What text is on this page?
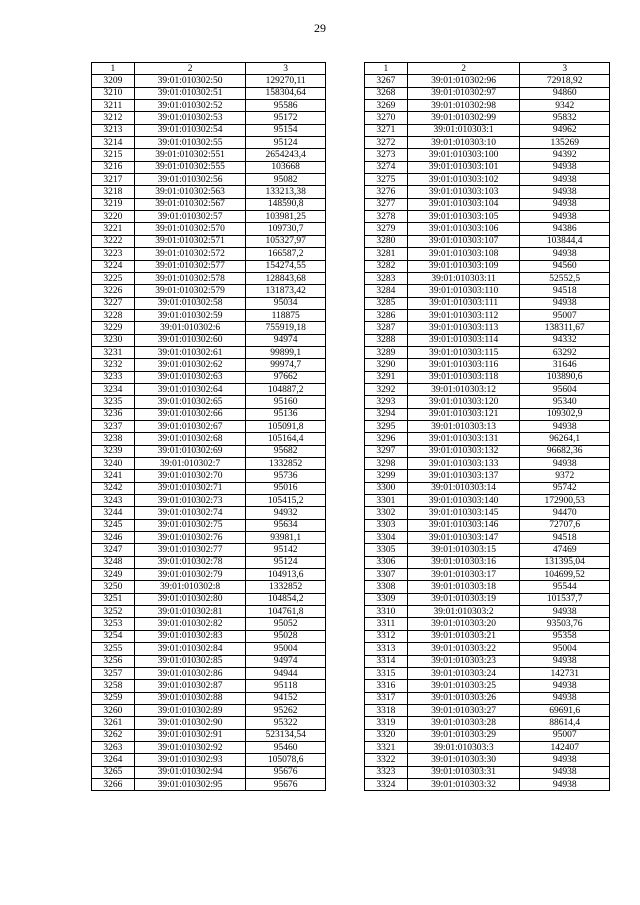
29
1	2	3
3209	39:01:010302:50	129270,11
3210	39:01:010302:51	158304,64
3211	39:01:010302:52	95586
3212	39:01:010302:53	95172
3213	39:01:010302:54	95154
3214	39:01:010302:55	95124
3215	39:01:010302:551	2654243,4
3216	39:01:010302:555	103668
3217	39:01:010302:56	95082
3218	39:01:010302:563	133213,38
3219	39:01:010302:567	148590,8
3220	39:01:010302:57	103981,25
3221	39:01:010302:570	109730,7
3222	39:01:010302:571	105327,97
3223	39:01:010302:572	166587,2
3224	39:01:010302:577	154274,55
3225	39:01:010302:578	128843,68
3226	39:01:010302:579	131873,42
3227	39:01:010302:58	95034
3228	39:01:010302:59	118875
3229	39:01:010302:6	755919,18
3230	39:01:010302:60	94974
3231	39:01:010302:61	99899,1
3232	39:01:010302:62	99974,7
3233	39:01:010302:63	97662
3234	39:01:010302:64	104887,2
3235	39:01:010302:65	95160
3236	39:01:010302:66	95136
3237	39:01:010302:67	105091,8
3238	39:01:010302:68	105164,4
3239	39:01:010302:69	95682
3240	39:01:010302:7	1332852
3241	39:01:010302:70	95736
3242	39:01:010302:71	95016
3243	39:01:010302:73	105415,2
3244	39:01:010302:74	94932
3245	39:01:010302:75	95634
3246	39:01:010302:76	93981,1
3247	39:01:010302:77	95142
3248	39:01:010302:78	95124
3249	39:01:010302:79	104913,6
3250	39:01:010302:8	1332852
3251	39:01:010302:80	104854,2
3252	39:01:010302:81	104761,8
3253	39:01:010302:82	95052
3254	39:01:010302:83	95028
3255	39:01:010302:84	95004
3256	39:01:010302:85	94974
3257	39:01:010302:86	94944
3258	39:01:010302:87	95118
3259	39:01:010302:88	94152
3260	39:01:010302:89	95262
3261	39:01:010302:90	95322
3262	39:01:010302:91	523134,54
3263	39:01:010302:92	95460
3264	39:01:010302:93	105078,6
3265	39:01:010302:94	95676
3266	39:01:010302:95	95676
1	2	3
3267	39:01:010302:96	72918,92
3268	39:01:010302:97	94860
3269	39:01:010302:98	9342
3270	39:01:010302:99	95832
3271	39:01:010303:1	94962
3272	39:01:010303:10	135269
3273	39:01:010303:100	94392
3274	39:01:010303:101	94938
3275	39:01:010303:102	94938
3276	39:01:010303:103	94938
3277	39:01:010303:104	94938
3278	39:01:010303:105	94938
3279	39:01:010303:106	94386
3280	39:01:010303:107	103844,4
3281	39:01:010303:108	94938
3282	39:01:010303:109	94560
3283	39:01:010303:11	52552,5
3284	39:01:010303:110	94518
3285	39:01:010303:111	94938
3286	39:01:010303:112	95007
3287	39:01:010303:113	138311,67
3288	39:01:010303:114	94332
3289	39:01:010303:115	63292
3290	39:01:010303:116	31646
3291	39:01:010303:118	103890,6
3292	39:01:010303:12	95604
3293	39:01:010303:120	95340
3294	39:01:010303:121	109302,9
3295	39:01:010303:13	94938
3296	39:01:010303:131	96264,1
3297	39:01:010303:132	96682,36
3298	39:01:010303:133	94938
3299	39:01:010303:137	9372
3300	39:01:010303:14	95742
3301	39:01:010303:140	172900,53
3302	39:01:010303:145	94470
3303	39:01:010303:146	72707,6
3304	39:01:010303:147	94518
3305	39:01:010303:15	47469
3306	39:01:010303:16	131395,04
3307	39:01:010303:17	104699,52
3308	39:01:010303:18	95544
3309	39:01:010303:19	101537,7
3310	39:01:010303:2	94938
3311	39:01:010303:20	93503,76
3312	39:01:010303:21	95358
3313	39:01:010303:22	95004
3314	39:01:010303:23	94938
3315	39:01:010303:24	142731
3316	39:01:010303:25	94938
3317	39:01:010303:26	94938
3318	39:01:010303:27	69691,6
3319	39:01:010303:28	88614,4
3320	39:01:010303:29	95007
3321	39:01:010303:3	142407
3322	39:01:010303:30	94938
3323	39:01:010303:31	94938
3324	39:01:010303:32	94938
